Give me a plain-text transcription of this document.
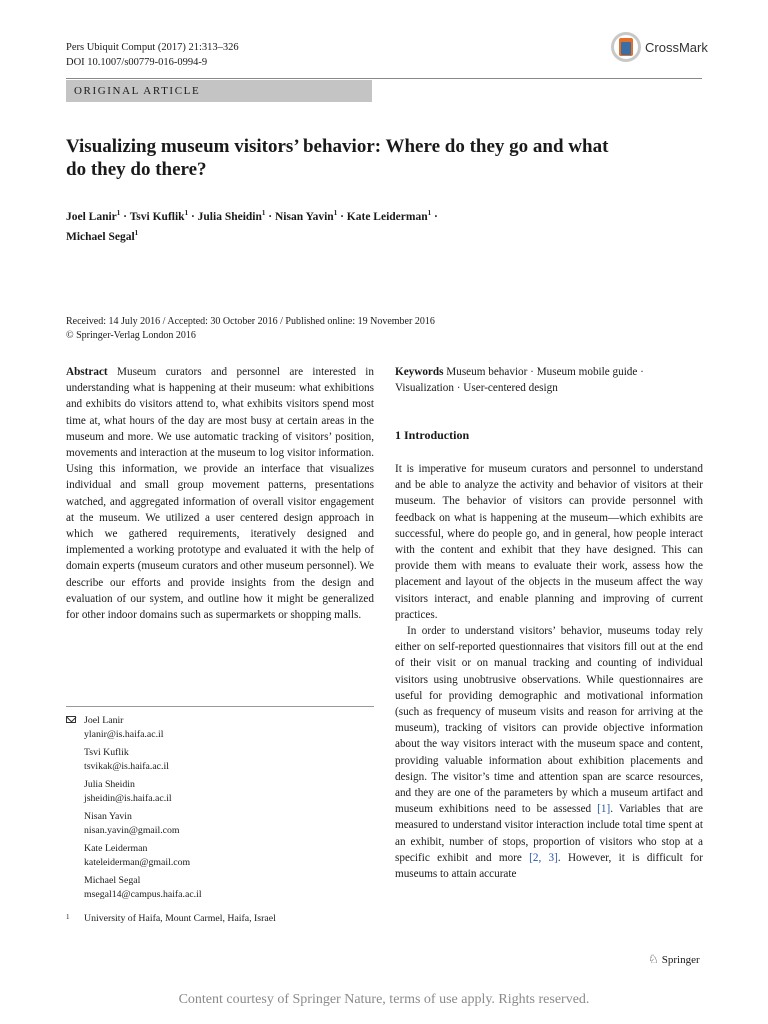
Pers Ubiquit Comput (2017) 21:313–326
DOI 10.1007/s00779-016-0994-9
CrossMark
ORIGINAL ARTICLE
Visualizing museum visitors’ behavior: Where do they go and what do they do there?
Joel Lanir$^1$ · Tsvi Kuflik$^1$ · Julia Sheidin$^1$ · Nisan Yavin$^1$ · Kate Leiderman$^1$ ·
Michael Segal$^1$
Received: 14 July 2016 / Accepted: 30 October 2016 / Published online: 19 November 2016
© Springer-Verlag London 2016
Abstract Museum curators and personnel are interested in understanding what is happening at their museum: what exhibitions and exhibits do visitors attend to, what exhibits visitors spend most time at, what hours of the day are most busy at certain areas in the museum and more. We use automatic tracking of visitors’ position, movements and interaction at the museum to log visitor information. Using this information, we provide an interface that visualizes individual and small group movement patterns, presentations watched, and aggregated information of overall visitor engagement at the museum. We utilized a user centered design approach in which we gathered requirements, iteratively designed and implemented a working prototype and evaluated it with the help of domain experts (museum curators and other museum personnel). We describe our efforts and provide insights from the design and evaluation of our system, and outline how it might be generalized for other indoor domains such as supermarkets or shopping malls.
Keywords Museum behavior · Museum mobile guide · Visualization · User-centered design
1 Introduction

It is imperative for museum curators and personnel to understand and be able to analyze the activity and behavior of visitors at their museum. The behavior of visitors can provide personnel with feedback on what is happening at the museum—which exhibits are successful, where do people go, and in general, how people interact with the content and exhibit that they have designed. This can provide them with means to evaluate their work, assess how the placement and layout of the objects in the museum affect the way visitors interact, and enable planning and improving of current practices.

In order to understand visitors’ behavior, museums today rely either on self-reported questionnaires that visitors fill out at the end of their visit or on manual tracking and counting of individual visitors using unobtrusive observations. While questionnaires are useful for providing demographic and motivational information (such as frequency of museum visits and reason for arriving at the museum), tracking of visitors can provide objective information about the way visitors interact with the museum space and content, providing valuable information about exhibition placements and design. The visitor’s time and attention span are scarce resources, and they are one of the parameters by which a museum artifact and museum exhibitions need to be assessed [1]. Variables that are measured to understand visitor interaction include total time spent at an exhibit, number of stops, proportion of visitors who stop at a specific exhibit and more [2, 3]. However, it is difficult for museums to attain accurate

Joel Lanir
ylanir@is.haifa.ac.il
Tsvi Kuflik
tsvikak@is.haifa.ac.il
Julia Sheidin
jsheidin@is.haifa.ac.il
Nisan Yavin
nisan.yavin@gmail.com
Kate Leiderman
kateleiderman@gmail.com
Michael Segal
msegal14@campus.haifa.ac.il
1 University of Haifa, Mount Carmel, Haifa, Israel
♘ Springer
Content courtesy of Springer Nature, terms of use apply. Rights reserved.
